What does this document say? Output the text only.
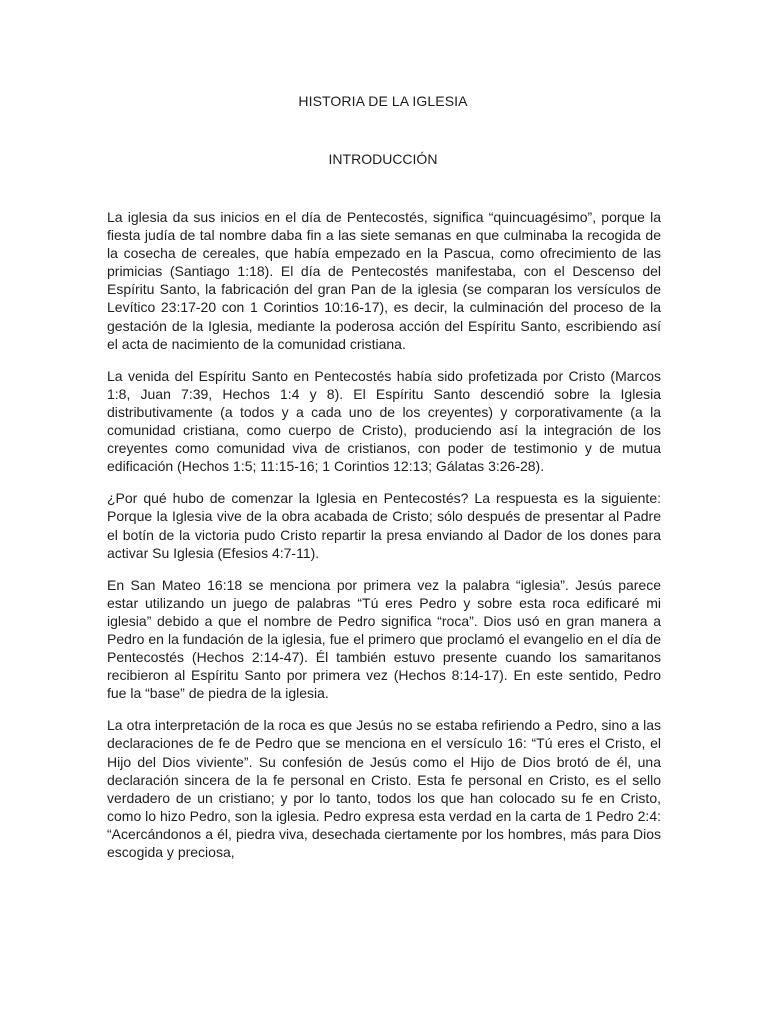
HISTORIA DE LA IGLESIA
INTRODUCCIÓN

La iglesia da sus inicios en el día de Pentecostés, significa “quincuagésimo”, porque la fiesta judía de tal nombre daba fin a las siete semanas en que culminaba la recogida de la cosecha de cereales, que había empezado en la Pascua, como ofrecimiento de las primicias (Santiago 1:18). El día de Pentecostés manifestaba, con el Descenso del Espíritu Santo, la fabricación del gran Pan de la iglesia (se comparan los versículos de Levítico 23:17-20 con 1 Corintios 10:16-17), es decir, la culminación del proceso de la gestación de la Iglesia, mediante la poderosa acción del Espíritu Santo, escribiendo así el acta de nacimiento de la comunidad cristiana.

La venida del Espíritu Santo en Pentecostés había sido profetizada por Cristo (Marcos 1:8, Juan 7:39, Hechos 1:4 y 8). El Espíritu Santo descendió sobre la Iglesia distributivamente (a todos y a cada uno de los creyentes) y corporativamente (a la comunidad cristiana, como cuerpo de Cristo), produciendo así la integración de los creyentes como comunidad viva de cristianos, con poder de testimonio y de mutua edificación (Hechos 1:5; 11:15-16; 1 Corintios 12:13; Gálatas 3:26-28).

¿Por qué hubo de comenzar la Iglesia en Pentecostés? La respuesta es la siguiente: Porque la Iglesia vive de la obra acabada de Cristo; sólo después de presentar al Padre el botín de la victoria pudo Cristo repartir la presa enviando al Dador de los dones para activar Su Iglesia (Efesios 4:7-11).

En San Mateo 16:18 se menciona por primera vez la palabra “iglesia”. Jesús parece estar utilizando un juego de palabras “Tú eres Pedro y sobre esta roca edificaré mi iglesia” debido a que el nombre de Pedro significa “roca”. Dios usó en gran manera a Pedro en la fundación de la iglesia, fue el primero que proclamó el evangelio en el día de Pentecostés (Hechos 2:14-47). Él también estuvo presente cuando los samaritanos recibieron al Espíritu Santo por primera vez (Hechos 8:14-17). En este sentido, Pedro fue la “base” de piedra de la iglesia.

La otra interpretación de la roca es que Jesús no se estaba refiriendo a Pedro, sino a las declaraciones de fe de Pedro que se menciona en el versículo 16: “Tú eres el Cristo, el Hijo del Dios viviente”. Su confesión de Jesús como el Hijo de Dios brotó de él, una declaración sincera de la fe personal en Cristo. Esta fe personal en Cristo, es el sello verdadero de un cristiano; y por lo tanto, todos los que han colocado su fe en Cristo, como lo hizo Pedro, son la iglesia. Pedro expresa esta verdad en la carta de 1 Pedro 2:4: “Acercándonos a él, piedra viva, desechada ciertamente por los hombres, más para Dios escogida y preciosa,
